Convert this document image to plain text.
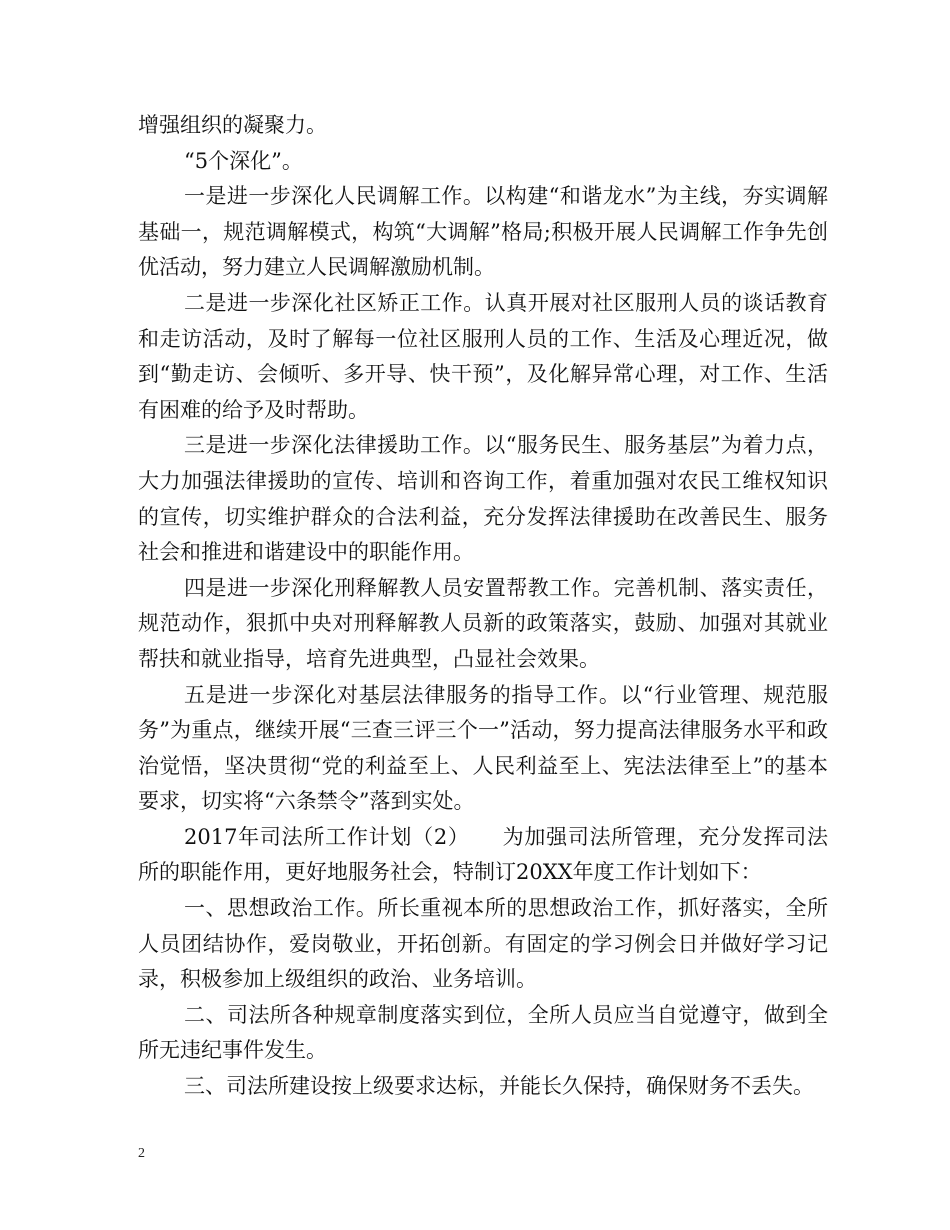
增强组织的凝聚力。

“5个深化”。

一是进一步深化人民调解工作。以构建“和谐龙水”为主线，夯实调解基础一，规范调解模式，构筑“大调解”格局;积极开展人民调解工作争先创优活动，努力建立人民调解激励机制。

二是进一步深化社区矫正工作。认真开展对社区服刑人员的谈话教育和走访活动，及时了解每一位社区服刑人员的工作、生活及心理近况，做到“勤走访、会倾听、多开导、快干预”，及化解异常心理，对工作、生活有困难的给予及时帮助。

三是进一步深化法律援助工作。以“服务民生、服务基层”为着力点，大力加强法律援助的宣传、培训和咨询工作，着重加强对农民工维权知识的宣传，切实维护群众的合法利益，充分发挥法律援助在改善民生、服务社会和推进和谐建设中的职能作用。

四是进一步深化刑释解教人员安置帮教工作。完善机制、落实责任，规范动作，狠抓中央对刑释解教人员新的政策落实，鼓励、加强对其就业帮扶和就业指导，培育先进典型，凸显社会效果。

五是进一步深化对基层法律服务的指导工作。以“行业管理、规范服务”为重点，继续开展“三查三评三个一”活动，努力提高法律服务水平和政治觉悟，坚决贯彻“党的利益至上、人民利益至上、宪法法律至上”的基本要求，切实将“六条禁令”落到实处。

2017年司法所工作计划（2）　　为加强司法所管理，充分发挥司法所的职能作用，更好地服务社会，特制订20XX年度工作计划如下：

一、思想政治工作。所长重视本所的思想政治工作，抓好落实，全所人员团结协作，爱岗敬业，开拓创新。有固定的学习例会日并做好学习记录，积极参加上级组织的政治、业务培训。

二、司法所各种规章制度落实到位，全所人员应当自觉遵守，做到全所无违纪事件发生。

三、司法所建设按上级要求达标，并能长久保持，确保财务不丢失。

2
